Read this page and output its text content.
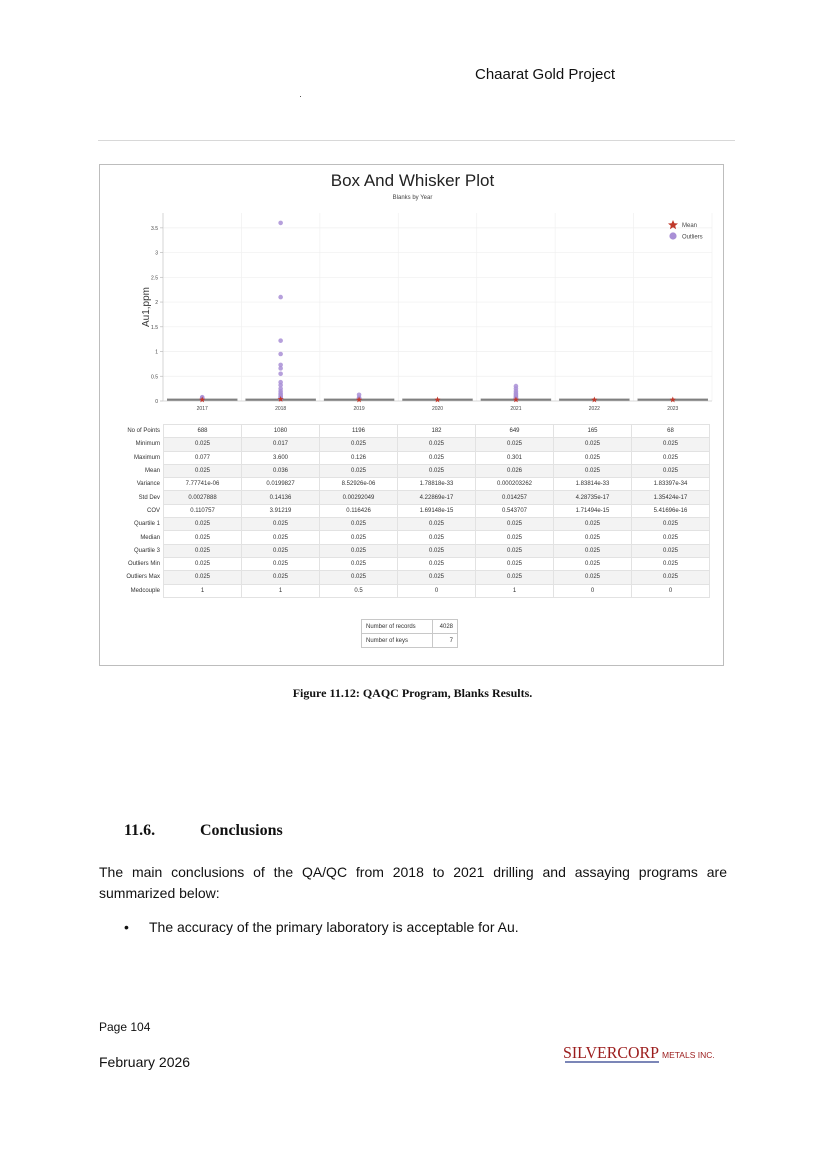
Chaarat Gold Project
Box And Whisker Plot
Blanks by Year
Au1,ppm
0
0.5
1
1.5
2
2.5
3
3.5
2017	2018	2019	2020	2021	2022	2023
Mean
Outliers
No of Points	688	1080	1196	182	649	165	68
Minimum	0.025	0.017	0.025	0.025	0.025	0.025	0.025
Maximum	0.077	3.600	0.126	0.025	0.301	0.025	0.025
Mean	0.025	0.036	0.025	0.025	0.026	0.025	0.025
Variance	7.77741e-06	0.0199827	8.52926e-06	1.78818e-33	0.000203262	1.83814e-33	1.83397e-34
Std Dev	0.0027888	0.14136	0.00292049	4.22869e-17	0.014257	4.28735e-17	1.35424e-17
COV	0.110757	3.91219	0.116426	1.69148e-15	0.543707	1.71494e-15	5.41696e-16
Quartile 1	0.025	0.025	0.025	0.025	0.025	0.025	0.025
Median	0.025	0.025	0.025	0.025	0.025	0.025	0.025
Quartile 3	0.025	0.025	0.025	0.025	0.025	0.025	0.025
Outliers Min	0.025	0.025	0.025	0.025	0.025	0.025	0.025
Outliers Max	0.025	0.025	0.025	0.025	0.025	0.025	0.025
Medcouple	1	1	0.5	0	1	0	0
Number of records	4028
Number of keys	7
Figure 11.12: QAQC Program, Blanks Results.
11.6.	Conclusions
The main conclusions of the QA/QC from 2018 to 2021 drilling and assaying programs are summarized below:
• The accuracy of the primary laboratory is acceptable for Au.
Page 104
February 2026	SILVERCORP METALS INC.
